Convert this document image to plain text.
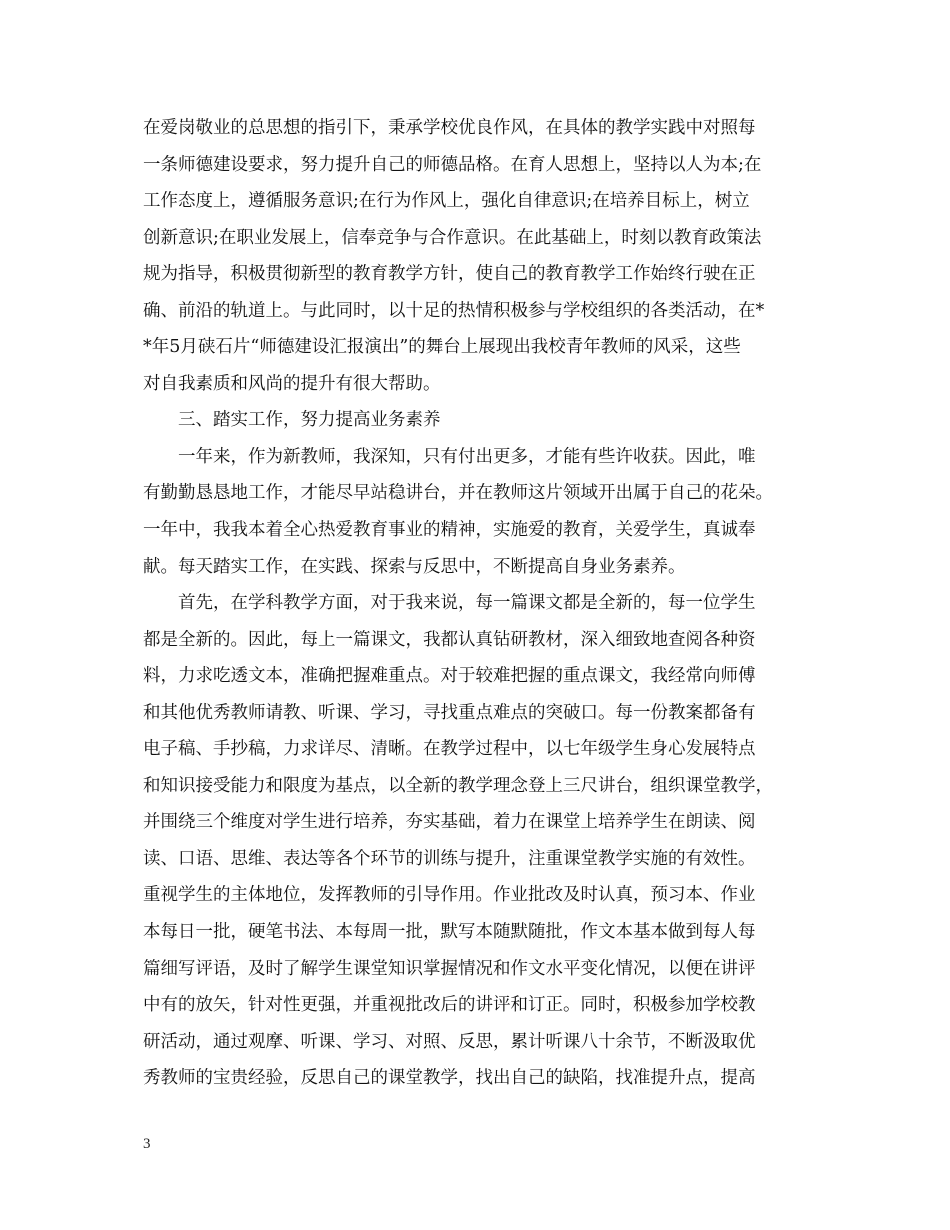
在爱岗敬业的总思想的指引下，秉承学校优良作风，在具体的教学实践中对照每
一条师德建设要求，努力提升自己的师德品格。在育人思想上，坚持以人为本;在
工作态度上，遵循服务意识;在行为作风上，强化自律意识;在培养目标上，树立
创新意识;在职业发展上，信奉竞争与合作意识。在此基础上，时刻以教育政策法
规为指导，积极贯彻新型的教育教学方针，使自己的教育教学工作始终行驶在正
确、前沿的轨道上。与此同时，以十足的热情积极参与学校组织的各类活动，在*
*年5月硖石片“师德建设汇报演出”的舞台上展现出我校青年教师的风采，这些
对自我素质和风尚的提升有很大帮助。
三、踏实工作，努力提高业务素养
一年来，作为新教师，我深知，只有付出更多，才能有些许收获。因此，唯
有勤勤恳恳地工作，才能尽早站稳讲台，并在教师这片领域开出属于自己的花朵。
一年中，我我本着全心热爱教育事业的精神，实施爱的教育，关爱学生，真诚奉
献。每天踏实工作，在实践、探索与反思中，不断提高自身业务素养。
首先，在学科教学方面，对于我来说，每一篇课文都是全新的，每一位学生
都是全新的。因此，每上一篇课文，我都认真钻研教材，深入细致地查阅各种资
料，力求吃透文本，准确把握难重点。对于较难把握的重点课文，我经常向师傅
和其他优秀教师请教、听课、学习，寻找重点难点的突破口。每一份教案都备有
电子稿、手抄稿，力求详尽、清晰。在教学过程中，以七年级学生身心发展特点
和知识接受能力和限度为基点，以全新的教学理念登上三尺讲台，组织课堂教学，
并围绕三个维度对学生进行培养，夯实基础，着力在课堂上培养学生在朗读、阅
读、口语、思维、表达等各个环节的训练与提升，注重课堂教学实施的有效性。
重视学生的主体地位，发挥教师的引导作用。作业批改及时认真，预习本、作业
本每日一批，硬笔书法、本每周一批，默写本随默随批，作文本基本做到每人每
篇细写评语，及时了解学生课堂知识掌握情况和作文水平变化情况，以便在讲评
中有的放矢，针对性更强，并重视批改后的讲评和订正。同时，积极参加学校教
研活动，通过观摩、听课、学习、对照、反思，累计听课八十余节，不断汲取优
秀教师的宝贵经验，反思自己的课堂教学，找出自己的缺陷，找准提升点，提高
3
